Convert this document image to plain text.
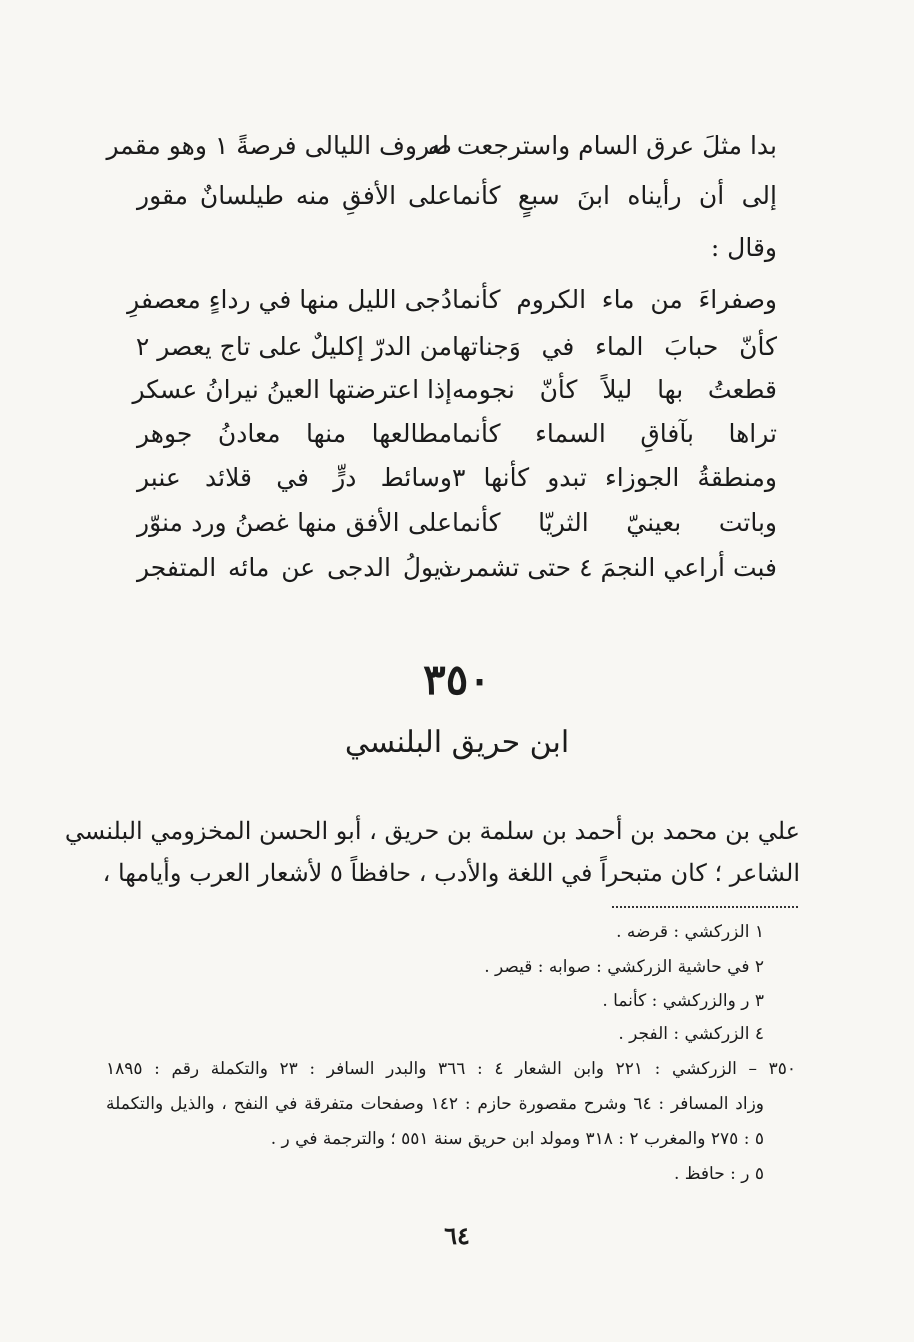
بدا مثلَ عرق السام واسترجعت له
صروف الليالى فرصةً ١ وهو مقمر
إلى أن رأيناه ابنَ سبعٍ كأنما
على الأفقِ منه طيلسانٌ مقور
وقال :
وصفراءَ من ماء الكروم كأنما
دُجى الليل منها في رداءٍ معصفرِ
كأنّ حبابَ الماء في وَجناتها
من الدرّ إكليلٌ على تاج يعصر ٢
قطعتُ بها ليلاً كأنّ نجومه
إذا اعترضتها العينُ نيرانُ عسكر
تراها بآفاقِ السماء كأنما
مطالعها منها معادنُ جوهر
ومنطقةُ الجوزاء تبدو كأنها ٣
وسائط درٍّ في قلائد عنبر
وباتت بعينيّ الثريّا كأنما
على الأفق منها غصنُ ورد منوّر
فبت أراعي النجمَ ٤ حتى تشمرت
ذيولُ الدجى عن مائه المتفجر
٣٥٠
ابن حريق البلنسي
علي بن محمد بن أحمد بن سلمة بن حريق ، أبو الحسن المخزومي البلنسي
الشاعر ؛ كان متبحراً في اللغة والأدب ، حافظاً ٥ لأشعار العرب وأيامها ،
١ الزركشي : قرضه .
٢ في حاشية الزركشي : صوابه : قيصر .
٣ ر والزركشي : كأنما .
٤ الزركشي : الفجر .
٣٥٠ – الزركشي : ٢٢١ وابن الشعار ٤ : ٣٦٦ والبدر السافر : ٢٣ والتكملة رقم : ١٨٩٥
وزاد المسافر : ٦٤ وشرح مقصورة حازم : ١٤٢ وصفحات متفرقة في النفح ، والذيل والتكملة
٥ : ٢٧٥ والمغرب ٢ : ٣١٨ ومولد ابن حريق سنة ٥٥١ ؛ والترجمة في ر .
٥ ر : حافظ .
٦٤
